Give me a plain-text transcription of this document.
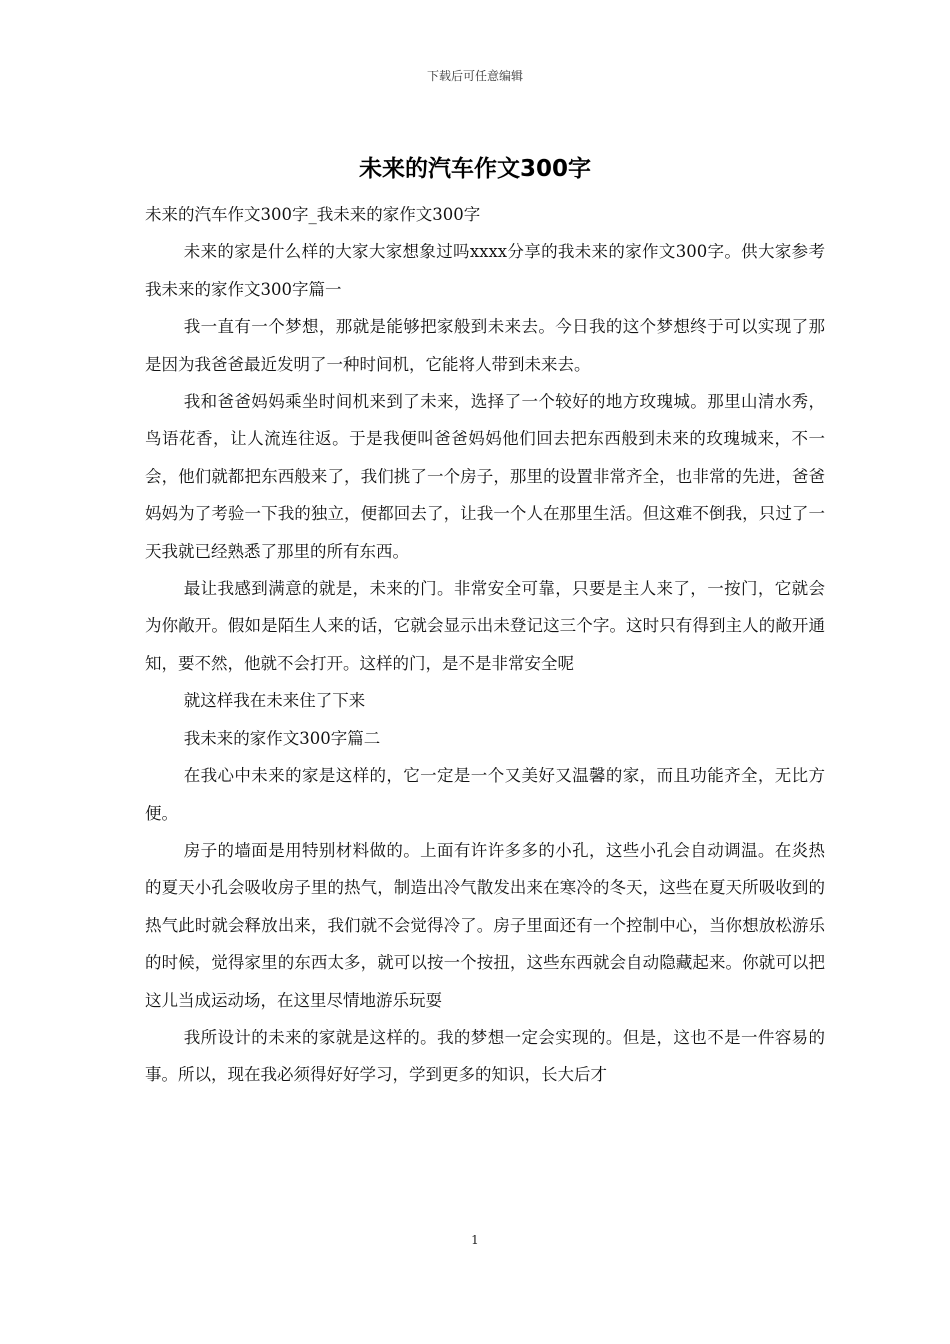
下载后可任意编辑
未来的汽车作文300字

未来的汽车作文300字_我未来的家作文300字

未来的家是什么样的大家大家想象过吗xxxx分享的我未来的家作文300字。供大家参考我未来的家作文300字篇一

我一直有一个梦想，那就是能够把家般到未来去。今日我的这个梦想终于可以实现了那是因为我爸爸最近发明了一种时间机，它能将人带到未来去。

我和爸爸妈妈乘坐时间机来到了未来，选择了一个较好的地方玫瑰城。那里山清水秀，鸟语花香，让人流连往返。于是我便叫爸爸妈妈他们回去把东西般到未来的玫瑰城来，不一会，他们就都把东西般来了，我们挑了一个房子，那里的设置非常齐全，也非常的先进，爸爸妈妈为了考验一下我的独立，便都回去了，让我一个人在那里生活。但这难不倒我，只过了一天我就已经熟悉了那里的所有东西。

最让我感到满意的就是，未来的门。非常安全可靠，只要是主人来了，一按门，它就会为你敞开。假如是陌生人来的话，它就会显示出未登记这三个字。这时只有得到主人的敞开通知，要不然，他就不会打开。这样的门，是不是非常安全呢

就这样我在未来住了下来

我未来的家作文300字篇二

在我心中未来的家是这样的，它一定是一个又美好又温馨的家，而且功能齐全，无比方便。

房子的墙面是用特别材料做的。上面有许许多多的小孔，这些小孔会自动调温。在炎热的夏天小孔会吸收房子里的热气，制造出冷气散发出来在寒冷的冬天，这些在夏天所吸收到的热气此时就会释放出来，我们就不会觉得冷了。房子里面还有一个控制中心，当你想放松游乐的时候，觉得家里的东西太多，就可以按一个按扭，这些东西就会自动隐藏起来。你就可以把这儿当成运动场，在这里尽情地游乐玩耍

我所设计的未来的家就是这样的。我的梦想一定会实现的。但是，这也不是一件容易的事。所以，现在我必须得好好学习，学到更多的知识，长大后才

1
